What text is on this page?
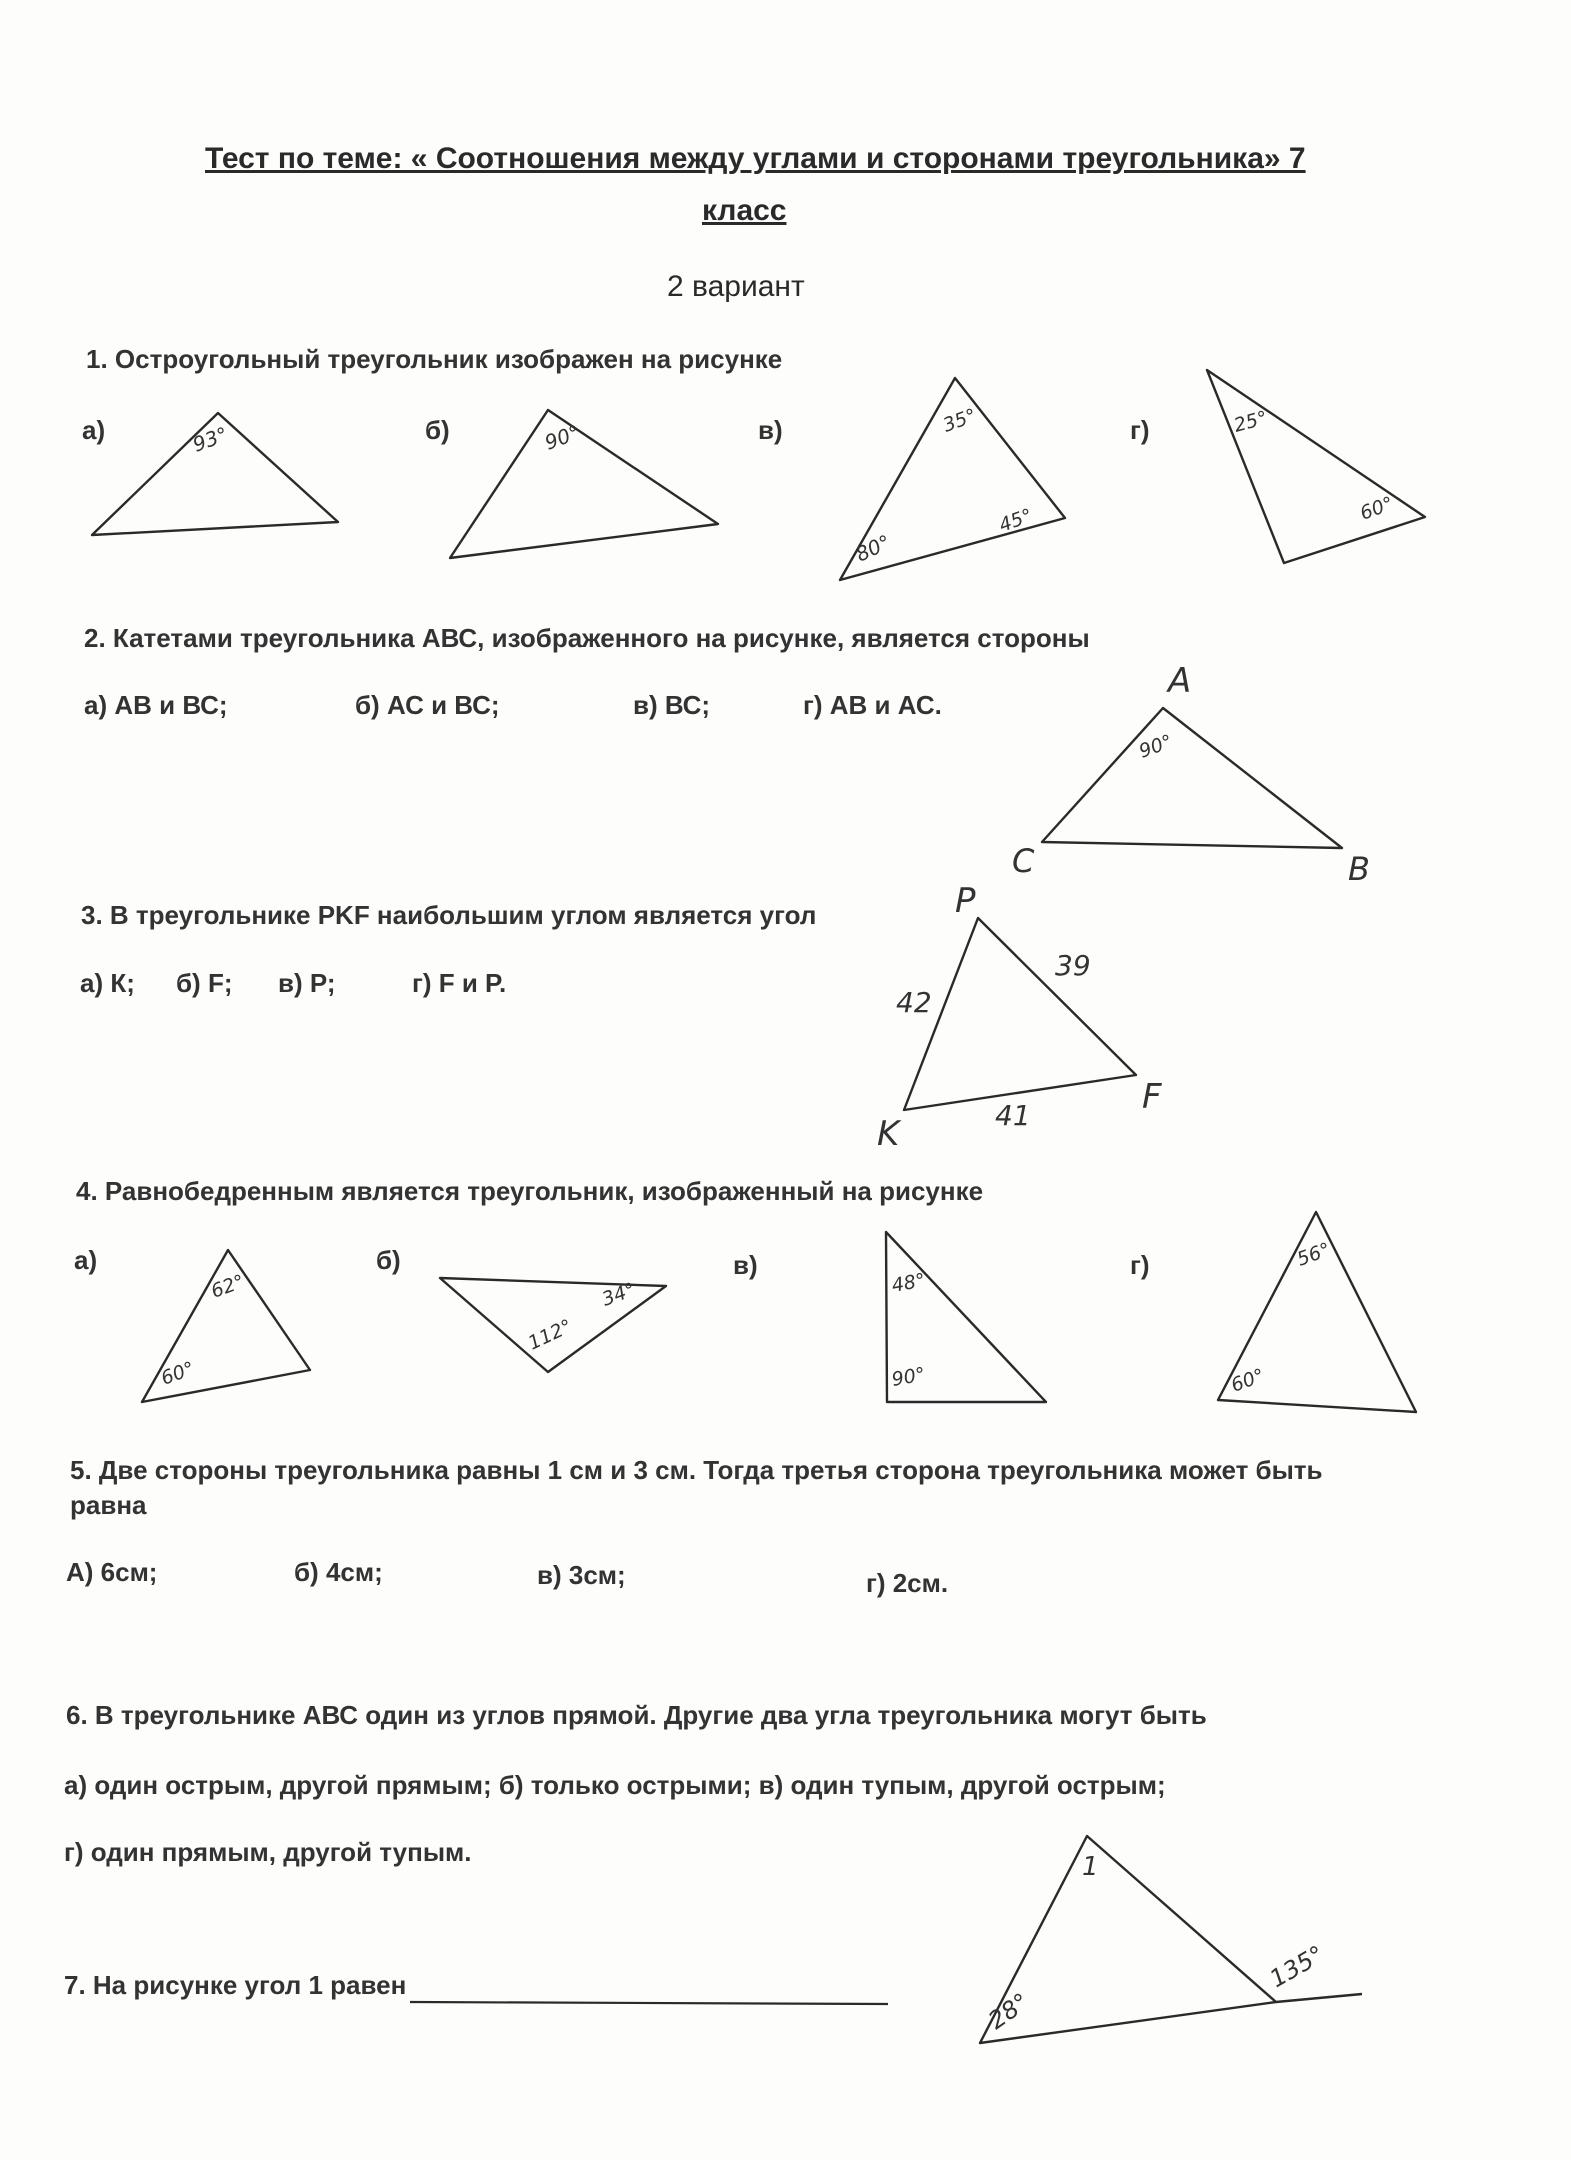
Тест по теме: « Соотношения между углами и сторонами треугольника» 7
класс
2 вариант
1. Остроугольный треугольник изображен на рисунке
а)	б)	в)	г)
2. Катетами треугольника АВС, изображенного на рисунке, является стороны
а) АВ и ВС;	б) АС и ВС;	в) ВС;	г) АВ и АС.
3. В треугольнике PKF наибольшим углом является угол
а) К; б) F; в) Р;	г) F и P.
4. Равнобедренным является треугольник, изображенный на рисунке
а)	б)	в)	г)
5. Две стороны треугольника равны 1 см и 3 см. Тогда третья сторона треугольника может быть
равна
А) 6см;	б) 4см;	в) 3см;	г) 2см.
6. В треугольнике АВС один из углов прямой. Другие два угла треугольника могут быть
а) один острым, другой прямым; б) только острыми; в) один тупым, другой острым;
г) один прямым, другой тупым.
7. На рисунке угол 1 равен
93°	90°	35°
80°
45°
25°
60°
A
C	B
90°
P
K
F
42
39
41
62°
60°
34°
112°
48°
90°
56°
60°
1
28°
135°
